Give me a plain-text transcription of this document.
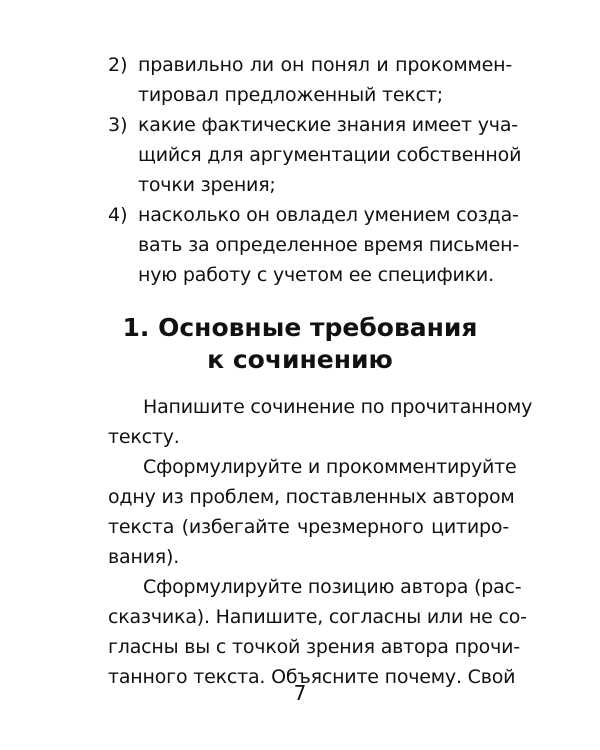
2) правильно ли он понял и прокоммен-
тировал предложенный текст;
3) какие фактические знания имеет уча-
щийся для аргументации собственной
точки зрения;
4) насколько он овладел умением созда-
вать за определенное время письмен-
ную работу с учетом ее специфики.
1. Основные требования
к сочинению
Напишите сочинение по прочитанному
тексту.
Сформулируйте и прокомментируйте
одну из проблем, поставленных автором
текста (избегайте чрезмерного цитиро-
вания).
Сформулируйте позицию автора (рас-
сказчика). Напишите, согласны или не со-
гласны вы с точкой зрения автора прочи-
танного текста. Объясните почему. Свой
7
